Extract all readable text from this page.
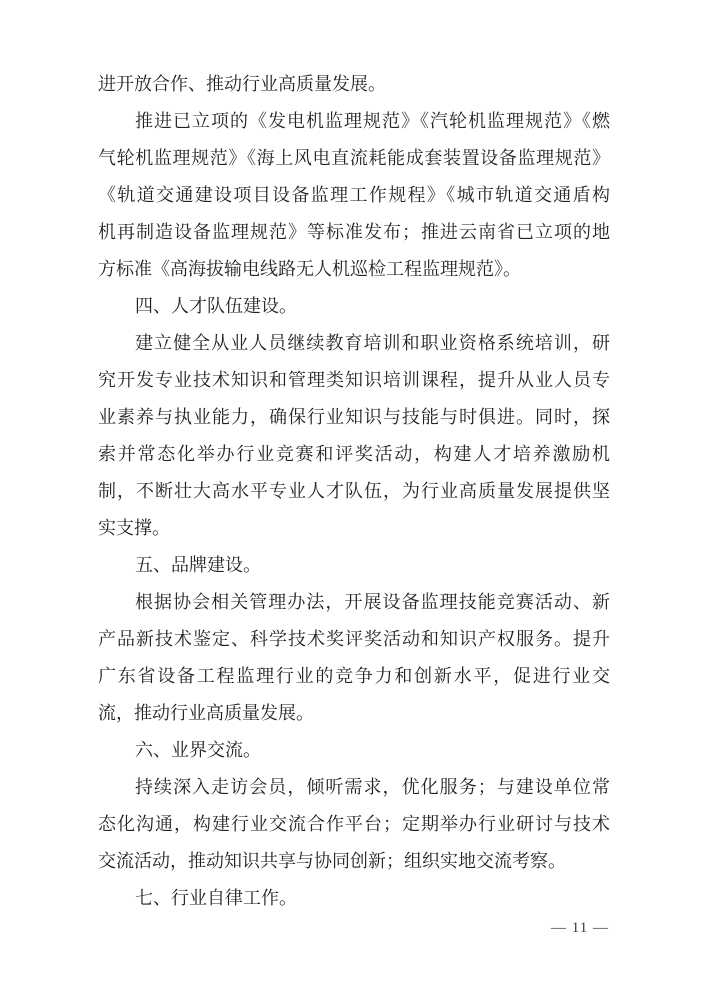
进开放合作、推动行业高质量发展。
推进已立项的《发电机监理规范》《汽轮机监理规范》《燃
气轮机监理规范》《海上风电直流耗能成套装置设备监理规范》
《轨道交通建设项目设备监理工作规程》《城市轨道交通盾构
机再制造设备监理规范》等标准发布；推进云南省已立项的地
方标准《高海拔输电线路无人机巡检工程监理规范》。
四、人才队伍建设。
建立健全从业人员继续教育培训和职业资格系统培训，研
究开发专业技术知识和管理类知识培训课程，提升从业人员专
业素养与执业能力，确保行业知识与技能与时俱进。同时，探
索并常态化举办行业竞赛和评奖活动，构建人才培养激励机
制，不断壮大高水平专业人才队伍，为行业高质量发展提供坚
实支撑。
五、品牌建设。
根据协会相关管理办法，开展设备监理技能竞赛活动、新
产品新技术鉴定、科学技术奖评奖活动和知识产权服务。提升
广东省设备工程监理行业的竞争力和创新水平，促进行业交
流，推动行业高质量发展。
六、业界交流。
持续深入走访会员，倾听需求，优化服务；与建设单位常
态化沟通，构建行业交流合作平台；定期举办行业研讨与技术
交流活动，推动知识共享与协同创新；组织实地交流考察。
七、行业自律工作。
— 11 —
